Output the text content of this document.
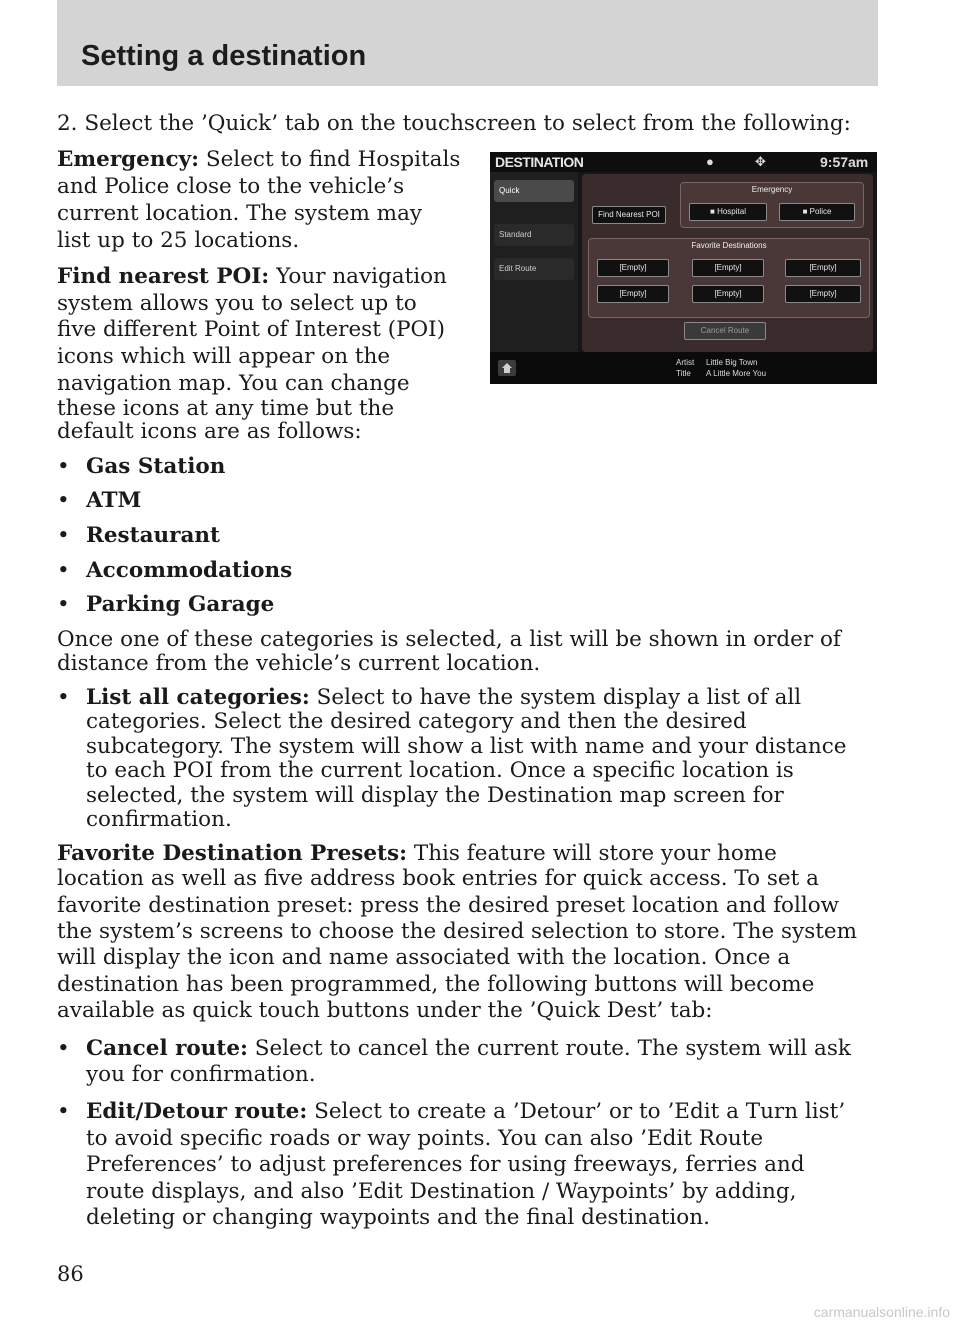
Setting a destination
2. Select the ’Quick’ tab on the touchscreen to select from the following:
Emergency: Select to find Hospitals
and Police close to the vehicle’s
current location. The system may
list up to 25 locations.
Find nearest POI: Your navigation
system allows you to select up to
five different Point of Interest (POI)
icons which will appear on the
navigation map. You can change
these icons at any time but the
default icons are as follows:
• Gas Station
• ATM
• Restaurant
• Accommodations
• Parking Garage
Once one of these categories is selected, a list will be shown in order of
distance from the vehicle’s current location.
• List all categories: Select to have the system display a list of all
categories. Select the desired category and then the desired
subcategory. The system will show a list with name and your distance
to each POI from the current location. Once a specific location is
selected, the system will display the Destination map screen for
confirmation.
Favorite Destination Presets: This feature will store your home
location as well as five address book entries for quick access. To set a
favorite destination preset: press the desired preset location and follow
the system’s screens to choose the desired selection to store. The system
will display the icon and name associated with the location. Once a
destination has been programmed, the following buttons will become
available as quick touch buttons under the ’Quick Dest’ tab:
• Cancel route: Select to cancel the current route. The system will ask
you for confirmation.
• Edit/Detour route: Select to create a ’Detour’ or to ’Edit a Turn list’
to avoid specific roads or way points. You can also ’Edit Route
Preferences’ to adjust preferences for using freeways, ferries and
route displays, and also ’Edit Destination / Waypoints’ by adding,
deleting or changing waypoints and the final destination.
86
carmanualsonline.info
DESTINATION	●	✥	9:57am
Quick
Standard
Edit Route
Find Nearest POI
Emergency
■ Hospital	■ Police
Favorite Destinations
[Empty]	[Empty]	[Empty]
[Empty]	[Empty]	[Empty]
Cancel Route
Artist Little Big Town
Title A Little More You
